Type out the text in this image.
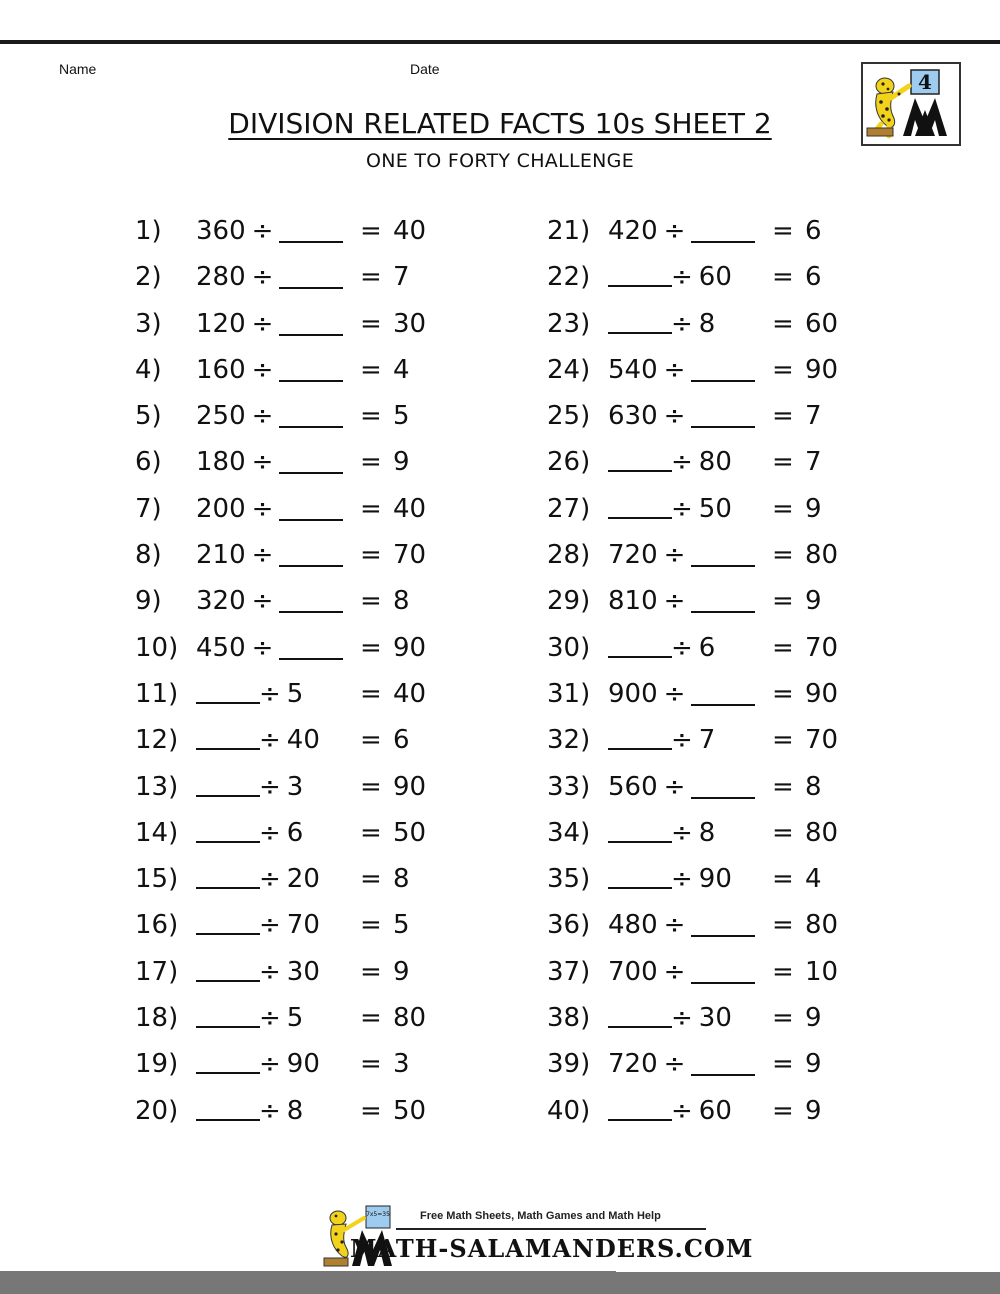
Name	Date
4
DIVISION RELATED FACTS 10s SHEET 2
ONE TO FORTY CHALLENGE
1) 360 ÷	= 40
2) 280 ÷	= 7
3) 120 ÷	= 30
4) 160 ÷	= 4
5) 250 ÷	= 5
6) 180 ÷	= 9
7) 200 ÷	= 40
8) 210 ÷	= 70
9) 320 ÷	= 8
10) 450 ÷	= 90
11)	÷ 5 = 40
12)	÷ 40 = 6
13)	÷ 3 = 90
14)	÷ 6 = 50
15)	÷ 20 = 8
16)	÷ 70 = 5
17)	÷ 30 = 9
18)	÷ 5 = 80
19)	÷ 90 = 3
20)	÷ 8 = 50
21) 420 ÷	= 6
22)	÷ 60 = 6
23)	÷ 8 = 60
24) 540 ÷	= 90
25) 630 ÷	= 7
26)	÷ 80 = 7
27)	÷ 50 = 9
28) 720 ÷	= 80
29) 810 ÷	= 9
30)	÷ 6 = 70
31) 900 ÷	= 90
32)	÷ 7 = 70
33) 560 ÷	= 8
34)	÷ 8 = 80
35)	÷ 90 = 4
36) 480 ÷	= 80
37) 700 ÷	= 10
38)	÷ 30 = 9
39) 720 ÷	= 9
40)	÷ 60 = 9
7x5=35	Free Math Sheets, Math Games and Math Help
MATH-SALAMANDERS.COM
